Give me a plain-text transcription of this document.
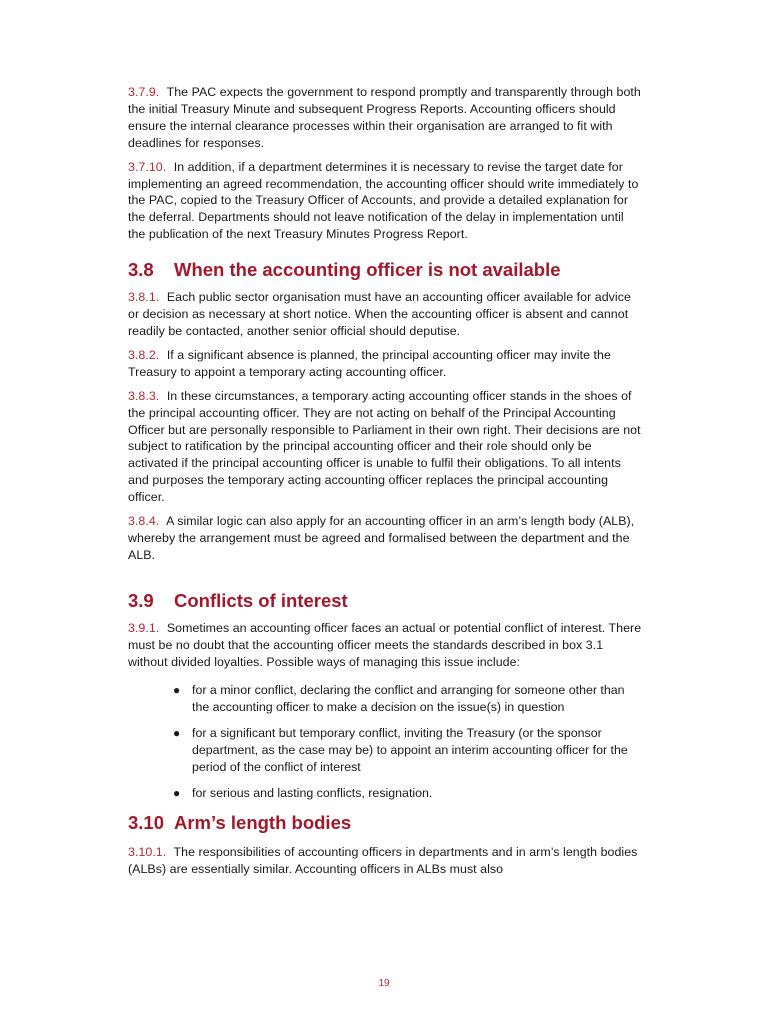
3.7.9. The PAC expects the government to respond promptly and transparently through both the initial Treasury Minute and subsequent Progress Reports. Accounting officers should ensure the internal clearance processes within their organisation are arranged to fit with deadlines for responses.

3.7.10. In addition, if a department determines it is necessary to revise the target date for implementing an agreed recommendation, the accounting officer should write immediately to the PAC, copied to the Treasury Officer of Accounts, and provide a detailed explanation for the deferral. Departments should not leave notification of the delay in implementation until the publication of the next Treasury Minutes Progress Report.

3.8	When the accounting officer is not available

3.8.1. Each public sector organisation must have an accounting officer available for advice or decision as necessary at short notice. When the accounting officer is absent and cannot readily be contacted, another senior official should deputise.

3.8.2. If a significant absence is planned, the principal accounting officer may invite the Treasury to appoint a temporary acting accounting officer.

3.8.3. In these circumstances, a temporary acting accounting officer stands in the shoes of the principal accounting officer. They are not acting on behalf of the Principal Accounting Officer but are personally responsible to Parliament in their own right. Their decisions are not subject to ratification by the principal accounting officer and their role should only be activated if the principal accounting officer is unable to fulfil their obligations. To all intents and purposes the temporary acting accounting officer replaces the principal accounting officer.

3.8.4. A similar logic can also apply for an accounting officer in an arm’s length body (ALB), whereby the arrangement must be agreed and formalised between the department and the ALB.

3.9	Conflicts of interest

3.9.1. Sometimes an accounting officer faces an actual or potential conflict of interest. There must be no doubt that the accounting officer meets the standards described in box 3.1 without divided loyalties. Possible ways of managing this issue include:

● for a minor conflict, declaring the conflict and arranging for someone other than the accounting officer to make a decision on the issue(s) in question
● for a significant but temporary conflict, inviting the Treasury (or the sponsor department, as the case may be) to appoint an interim accounting officer for the period of the conflict of interest
● for serious and lasting conflicts, resignation.
3.10 Arm’s length bodies

3.10.1. The responsibilities of accounting officers in departments and in arm’s length bodies (ALBs) are essentially similar. Accounting officers in ALBs must also

19
